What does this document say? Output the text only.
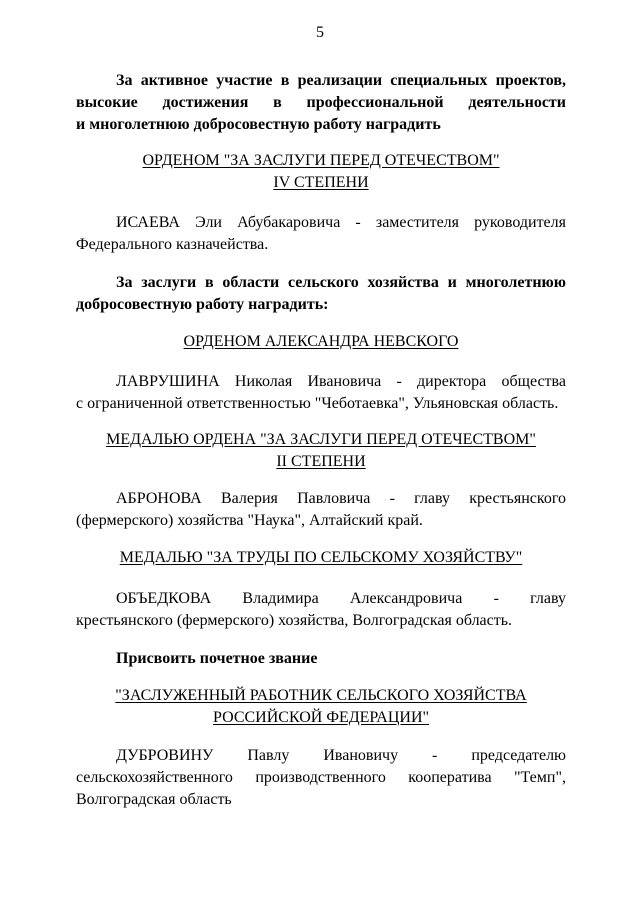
5
За активное участие в реализации специальных проектов,
высокие достижения в профессиональной деятельности
и многолетнюю добросовестную работу наградить
ОРДЕНОМ "ЗА ЗАСЛУГИ ПЕРЕД ОТЕЧЕСТВОМ"
IV СТЕПЕНИ
ИСАЕВА Эли Абубакаровича - заместителя руководителя
Федерального казначейства.
За заслуги в области сельского хозяйства и многолетнюю
добросовестную работу наградить:
ОРДЕНОМ АЛЕКСАНДРА НЕВСКОГО
ЛАВРУШИНА Николая Ивановича - директора общества
с ограниченной ответственностью "Чеботаевка", Ульяновская область.
МЕДАЛЬЮ ОРДЕНА "ЗА ЗАСЛУГИ ПЕРЕД ОТЕЧЕСТВОМ"
II СТЕПЕНИ
АБРОНОВА Валерия Павловича - главу крестьянского
(фермерского) хозяйства "Наука", Алтайский край.
МЕДАЛЬЮ "ЗА ТРУДЫ ПО СЕЛЬСКОМУ ХОЗЯЙСТВУ"
ОБЪЕДКОВА Владимира Александровича - главу
крестьянского (фермерского) хозяйства, Волгоградская область.
Присвоить почетное звание
"ЗАСЛУЖЕННЫЙ РАБОТНИК СЕЛЬСКОГО ХОЗЯЙСТВА
РОССИЙСКОЙ ФЕДЕРАЦИИ"
ДУБРОВИНУ Павлу Ивановичу - председателю
сельскохозяйственного производственного кооператива "Темп",
Волгоградская область
